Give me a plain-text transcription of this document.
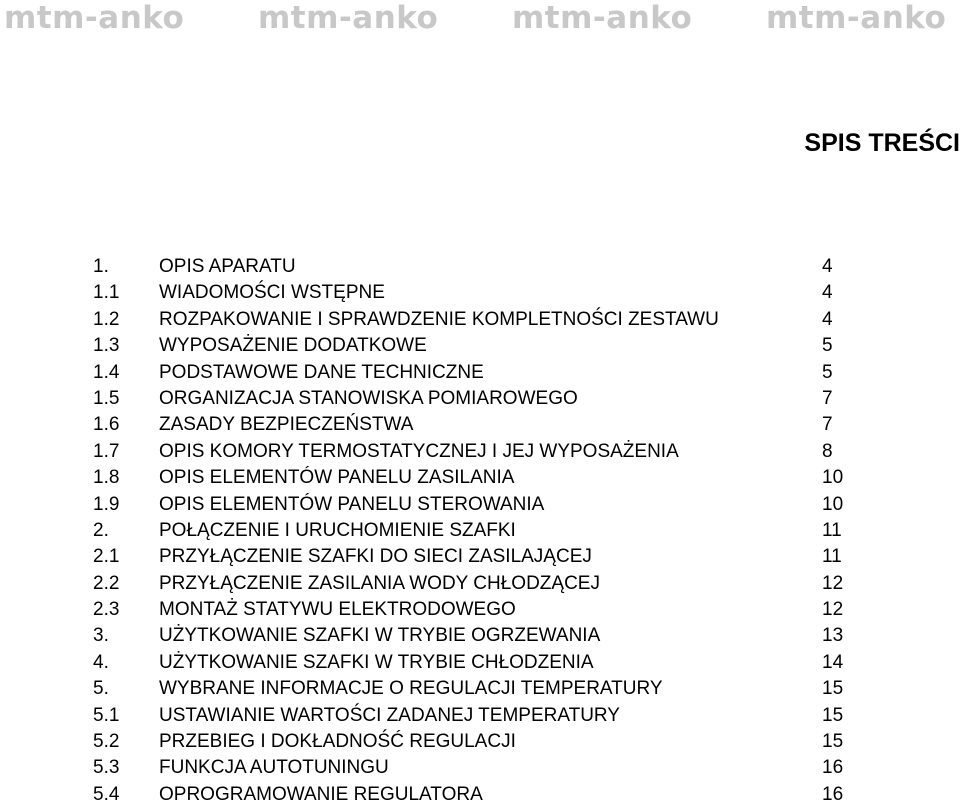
mtm-anko mtm-anko mtm-anko mtm-anko
SPIS TREŚCI
1.	OPIS APARATU	4
1.1 WIADOMOŚCI WSTĘPNE	4
1.2 ROZPAKOWANIE I SPRAWDZENIE KOMPLETNOŚCI ZESTAWU	4
1.3 WYPOSAŻENIE DODATKOWE	5
1.4 PODSTAWOWE DANE TECHNICZNE	5
1.5 ORGANIZACJA STANOWISKA POMIAROWEGO	7
1.6 ZASADY BEZPIECZEŃSTWA	7
1.7 OPIS KOMORY TERMOSTATYCZNEJ I JEJ WYPOSAŻENIA	8
1.8 OPIS ELEMENTÓW PANELU ZASILANIA	10
1.9 OPIS ELEMENTÓW PANELU STEROWANIA	10
2.	POŁĄCZENIE I URUCHOMIENIE SZAFKI	11
2.1 PRZYŁĄCZENIE SZAFKI DO SIECI ZASILAJĄCEJ	11
2.2 PRZYŁĄCZENIE ZASILANIA WODY CHŁODZĄCEJ	12
2.3 MONTAŻ STATYWU ELEKTRODOWEGO	12
3.	UŻYTKOWANIE SZAFKI W TRYBIE OGRZEWANIA	13
4.	UŻYTKOWANIE SZAFKI W TRYBIE CHŁODZENIA	14
5.	WYBRANE INFORMACJE O REGULACJI TEMPERATURY	15
5.1 USTAWIANIE WARTOŚCI ZADANEJ TEMPERATURY	15
5.2 PRZEBIEG I DOKŁADNOŚĆ REGULACJI	15
5.3 FUNKCJA AUTOTUNINGU	16
5.4 OPROGRAMOWANIE REGULATORA	16
